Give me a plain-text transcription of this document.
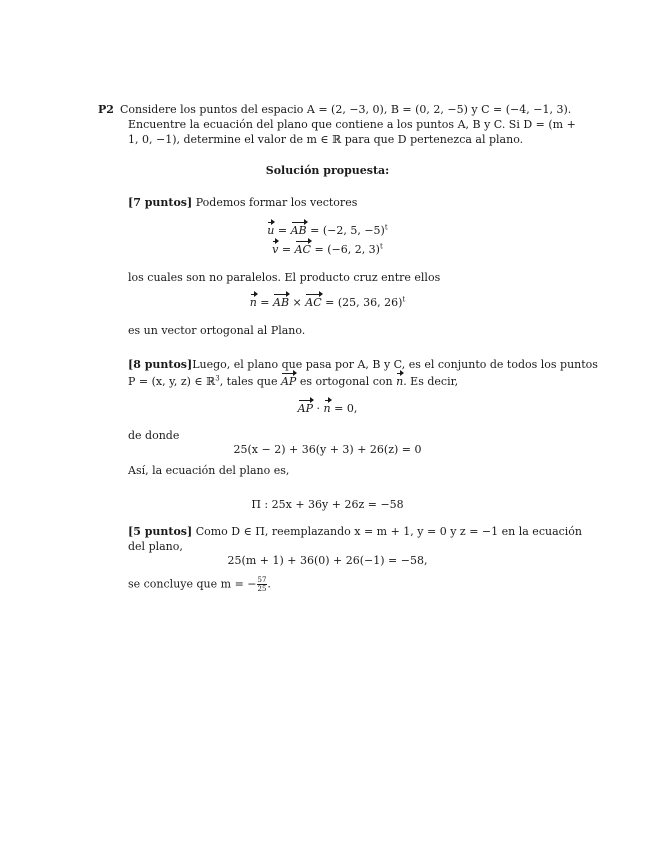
P2 Considere los puntos del espacio A = (2, −3, 0), B = (0, 2, −5) y C = (−4, −1, 3).
Encuentre la ecuación del plano que contiene a los puntos A, B y C. Si D = (m +
1, 0, −1), determine el valor de m ∈ ℝ para que D pertenezca al plano.
Solución propuesta:
[7 puntos] Podemos formar los vectores
u = AB = (−2, 5, −5)$^t$
v = AC = (−6, 2, 3)$^t$
los cuales son no paralelos. El producto cruz entre ellos
n = AB × AC = (25, 36, 26)$^t$
es un vector ortogonal al Plano.
[8 puntos]Luego, el plano que pasa por A, B y C, es el conjunto de todos los puntos
P = (x, y, z) ∈ ℝ$^3$, tales que AP es ortogonal con n. Es decir,
AP · n = 0,
de donde
25(x − 2) + 36(y + 3) + 26(z) = 0
Así, la ecuación del plano es,
Π : 25x + 36y + 26z = −58
[5 puntos] Como D ∈ Π, reemplazando x = m + 1, y = 0 y z = −1 en la ecuación
del plano,
25(m + 1) + 36(0) + 26(−1) = −58,
se concluye que m = − $\frac{57}{25}$ .
